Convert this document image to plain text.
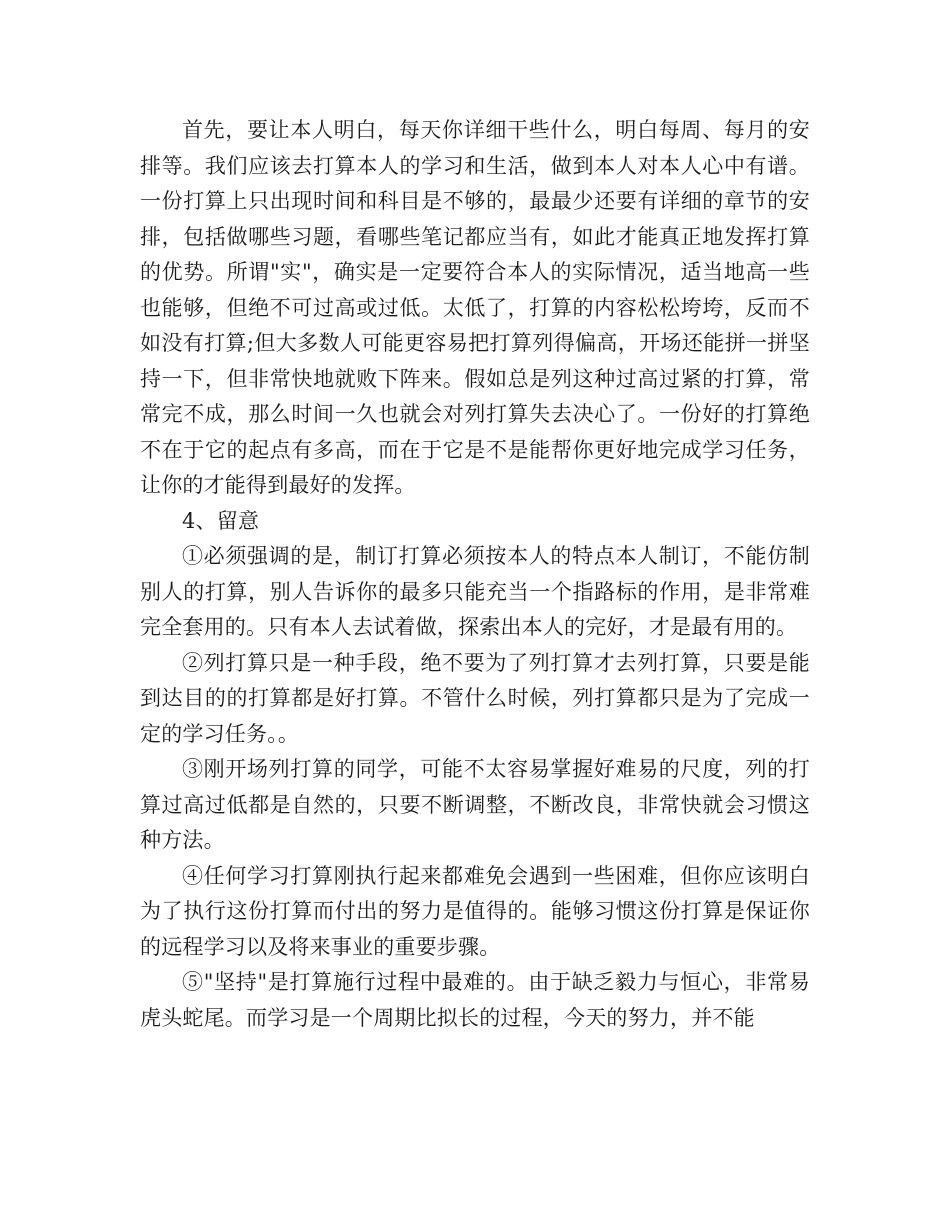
首先，要让本人明白，每天你详细干些什么，明白每周、每月的安排等。我们应该去打算本人的学习和生活，做到本人对本人心中有谱。一份打算上只出现时间和科目是不够的，最最少还要有详细的章节的安排，包括做哪些习题，看哪些笔记都应当有，如此才能真正地发挥打算的优势。所谓"实"，确实是一定要符合本人的实际情况，适当地高一些也能够，但绝不可过高或过低。太低了，打算的内容松松垮垮，反而不如没有打算;但大多数人可能更容易把打算列得偏高，开场还能拼一拼坚持一下，但非常快地就败下阵来。假如总是列这种过高过紧的打算，常常完不成，那么时间一久也就会对列打算失去决心了。一份好的打算绝不在于它的起点有多高，而在于它是不是能帮你更好地完成学习任务，让你的才能得到最好的发挥。

4、留意

①必须强调的是，制订打算必须按本人的特点本人制订，不能仿制别人的打算，别人告诉你的最多只能充当一个指路标的作用，是非常难完全套用的。只有本人去试着做，探索出本人的完好，才是最有用的。

②列打算只是一种手段，绝不要为了列打算才去列打算，只要是能到达目的的打算都是好打算。不管什么时候，列打算都只是为了完成一定的学习任务。。

③刚开场列打算的同学，可能不太容易掌握好难易的尺度，列的打算过高过低都是自然的，只要不断调整，不断改良，非常快就会习惯这种方法。

④任何学习打算刚执行起来都难免会遇到一些困难，但你应该明白为了执行这份打算而付出的努力是值得的。能够习惯这份打算是保证你的远程学习以及将来事业的重要步骤。

⑤"坚持"是打算施行过程中最难的。由于缺乏毅力与恒心，非常易虎头蛇尾。而学习是一个周期比拟长的过程，今天的努力，并不能
